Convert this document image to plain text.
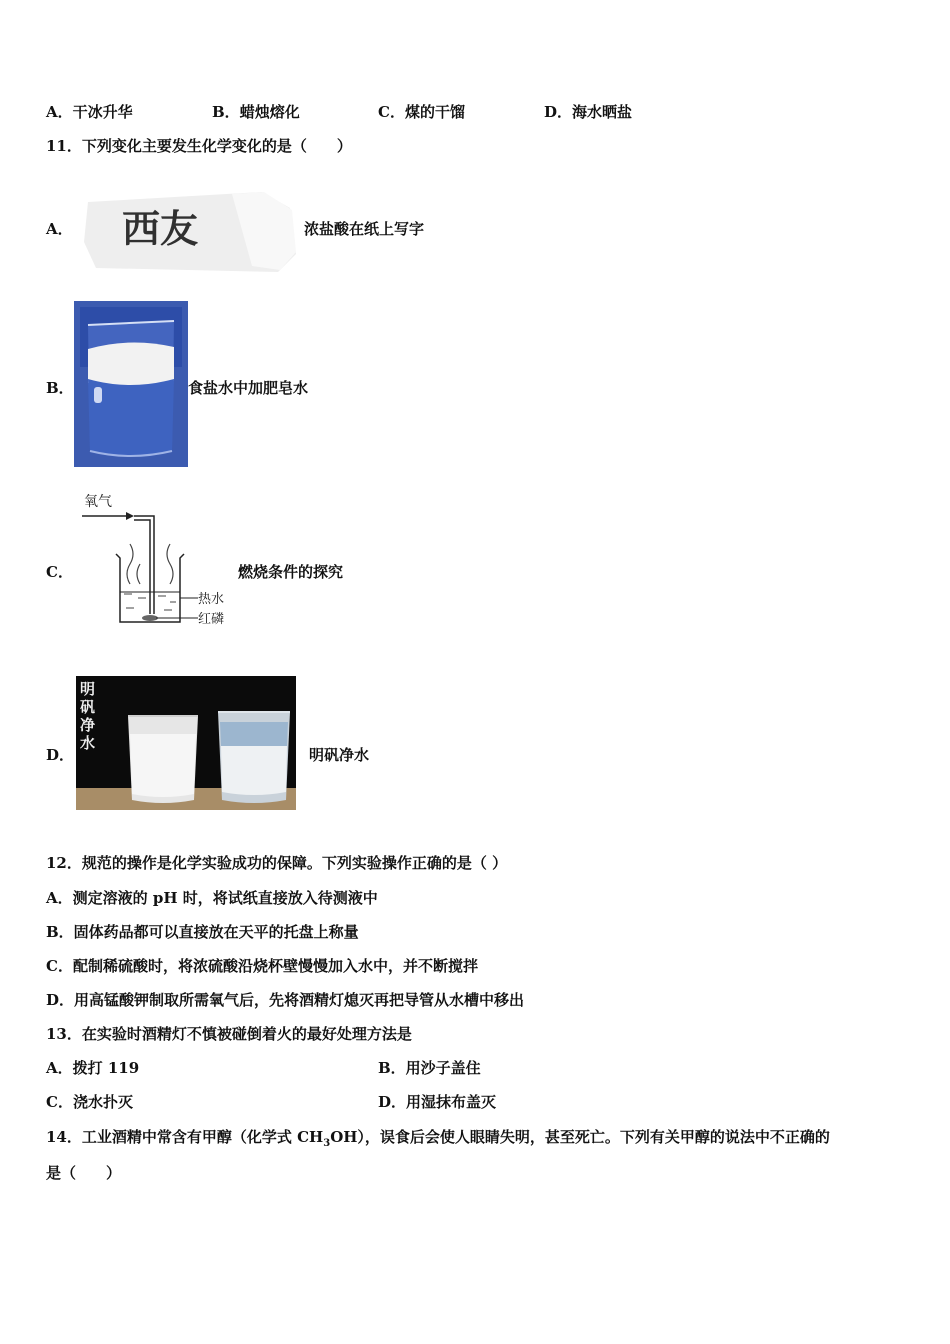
A．干冰升华	B．蜡烛熔化	C．煤的干馏	D．海水晒盐
11．下列变化主要发生化学变化的是（　　）
A． 西友	浓盐酸在纸上写字
B．	食盐水中加肥皂水
C．
氧气
热水
红磷
燃烧条件的探究
D．
明
矾
净
水
明矾净水
12．规范的操作是化学实验成功的保障。下列实验操作正确的是（ ）
A．测定溶液的 pH 时，将试纸直接放入待测液中
B．固体药品都可以直接放在天平的托盘上称量
C．配制稀硫酸时，将浓硫酸沿烧杯壁慢慢加入水中，并不断搅拌
D．用高锰酸钾制取所需氧气后，先将酒精灯熄灭再把导管从水槽中移出
13．在实验时酒精灯不慎被碰倒着火的最好处理方法是
A．拨打 119	B．用沙子盖住
C．浇水扑灭	D．用湿抹布盖灭
14．工业酒精中常含有甲醇（化学式 $CH_3OH$），误食后会使人眼睛失明，甚至死亡。下列有关甲醇的说法中不正确的
是（　　）
